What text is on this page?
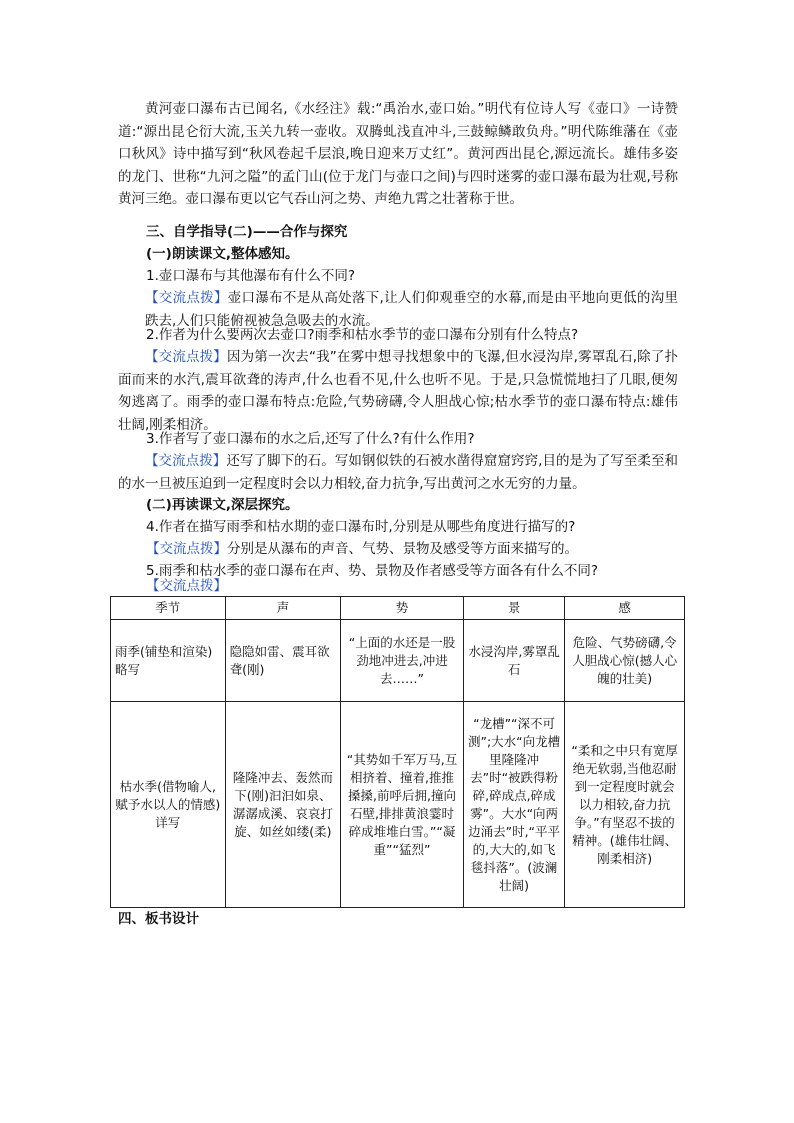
黄河壶口瀑布古已闻名,《水经注》载:“禹治水,壶口始。”明代有位诗人写《壶口》一诗赞道:“源出昆仑衍大流,玉关九转一壶收。双腾虬浅直冲斗,三鼓鲸鳞敢负舟。”明代陈维藩在《壶口秋风》诗中描写到“秋风卷起千层浪,晚日迎来万丈红”。黄河西出昆仑,源远流长。雄伟多姿的龙门、世称“九河之隘”的孟门山(位于龙门与壶口之间)与四时迷雾的壶口瀑布最为壮观,号称黄河三绝。壶口瀑布更以它气吞山河之势、声绝九霄之壮著称于世。

三、自学指导(二)——合作与探究
(一)朗读课文,整体感知。
1.壶口瀑布与其他瀑布有什么不同?

【交流点拨】壶口瀑布不是从高处落下,让人们仰观垂空的水幕,而是由平地向更低的沟里跌去,人们只能俯视被急急吸去的水流。

2.作者为什么要两次去壶口?雨季和枯水季节的壶口瀑布分别有什么特点?

【交流点拨】因为第一次去“我”在雾中想寻找想象中的飞瀑,但水浸沟岸,雾罩乱石,除了扑面而来的水汽,震耳欲聋的涛声,什么也看不见,什么也听不见。于是,只急慌慌地扫了几眼,便匆匆逃离了。雨季的壶口瀑布特点:危险,气势磅礴,令人胆战心惊;枯水季节的壶口瀑布特点:雄伟壮阔,刚柔相济。

3.作者写了壶口瀑布的水之后,还写了什么?有什么作用?

【交流点拨】还写了脚下的石。写如钢似铁的石被水凿得窟窟窍窍,目的是为了写至柔至和的水一旦被压迫到一定程度时会以力相较,奋力抗争,写出黄河之水无穷的力量。

(二)再读课文,深层探究。
4.作者在描写雨季和枯水期的壶口瀑布时,分别是从哪些角度进行描写的?
【交流点拨】分别是从瀑布的声音、气势、景物及感受等方面来描写的。
5.雨季和枯水季的壶口瀑布在声、势、景物及作者感受等方面各有什么不同?
【交流点拨】
季节	声	势	景	感
雨季(铺垫和渲染)略写	隐隐如雷、震耳欲聋(刚)	“上面的水还是一股劲地冲进去,冲进去……”	水浸沟岸,雾罩乱石	危险、气势磅礴,令人胆战心惊(撼人心魄的壮美)
枯水季(借物喻人,赋予水以人的情感)详写	隆隆冲去、轰然而下(刚)汩汩如泉、潺潺成溪、哀哀打旋、如丝如缕(柔)	“其势如千军万马,互相挤着、撞着,推推搡搡,前呼后拥,撞向石壁,排排黄浪霎时碎成堆堆白雪。”“凝重”“猛烈”	“龙槽”“深不可测”;大水“向龙槽里隆隆冲去”时“被跌得粉碎,碎成点,碎成雾”。大水“向两边涌去”时,“平平的,大大的,如飞毯抖落”。(波澜壮阔)	“柔和之中只有宽厚绝无软弱,当他忍耐到一定程度时就会以力相较,奋力抗争。”有坚忍不拔的精神。(雄伟壮阔、刚柔相济)
四、板书设计
